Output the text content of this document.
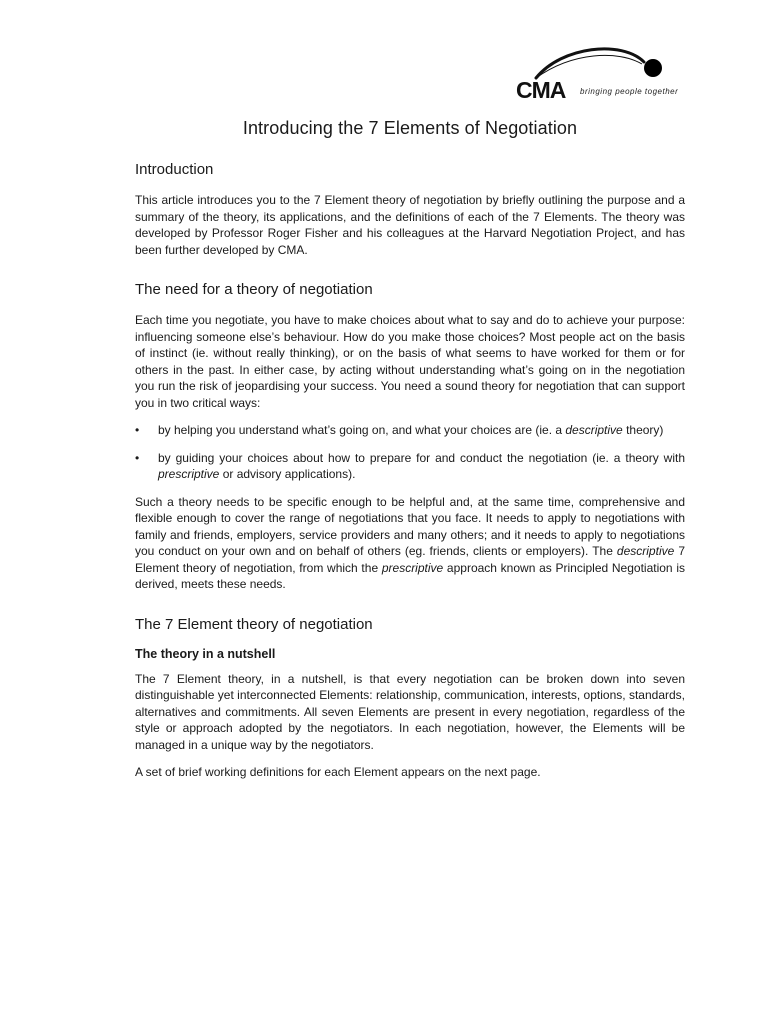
CMA bringing people together
Introducing the 7 Elements of Negotiation
Introduction

This article introduces you to the 7 Element theory of negotiation by briefly outlining the purpose and a summary of the theory, its applications, and the definitions of each of the 7 Elements. The theory was developed by Professor Roger Fisher and his colleagues at the Harvard Negotiation Project, and has been further developed by CMA.

The need for a theory of negotiation

Each time you negotiate, you have to make choices about what to say and do to achieve your purpose: influencing someone else’s behaviour. How do you make those choices? Most people act on the basis of instinct (ie. without really thinking), or on the basis of what seems to have worked for them or for others in the past. In either case, by acting without understanding what’s going on in the negotiation you run the risk of jeopardising your success. You need a sound theory for negotiation that can support you in two critical ways:

• by helping you understand what’s going on, and what your choices are (ie. a descriptive theory)
• by guiding your choices about how to prepare for and conduct the negotiation (ie. a theory with prescriptive or advisory applications).

Such a theory needs to be specific enough to be helpful and, at the same time, comprehensive and flexible enough to cover the range of negotiations that you face. It needs to apply to negotiations with family and friends, employers, service providers and many others; and it needs to apply to negotiations you conduct on your own and on behalf of others (eg. friends, clients or employers). The descriptive 7 Element theory of negotiation, from which the prescriptive approach known as Principled Negotiation is derived, meets these needs.

The 7 Element theory of negotiation
The theory in a nutshell

The 7 Element theory, in a nutshell, is that every negotiation can be broken down into seven distinguishable yet interconnected Elements: relationship, communication, interests, options, standards, alternatives and commitments. All seven Elements are present in every negotiation, regardless of the style or approach adopted by the negotiators. In each negotiation, however, the Elements will be managed in a unique way by the negotiators.

A set of brief working definitions for each Element appears on the next page.
